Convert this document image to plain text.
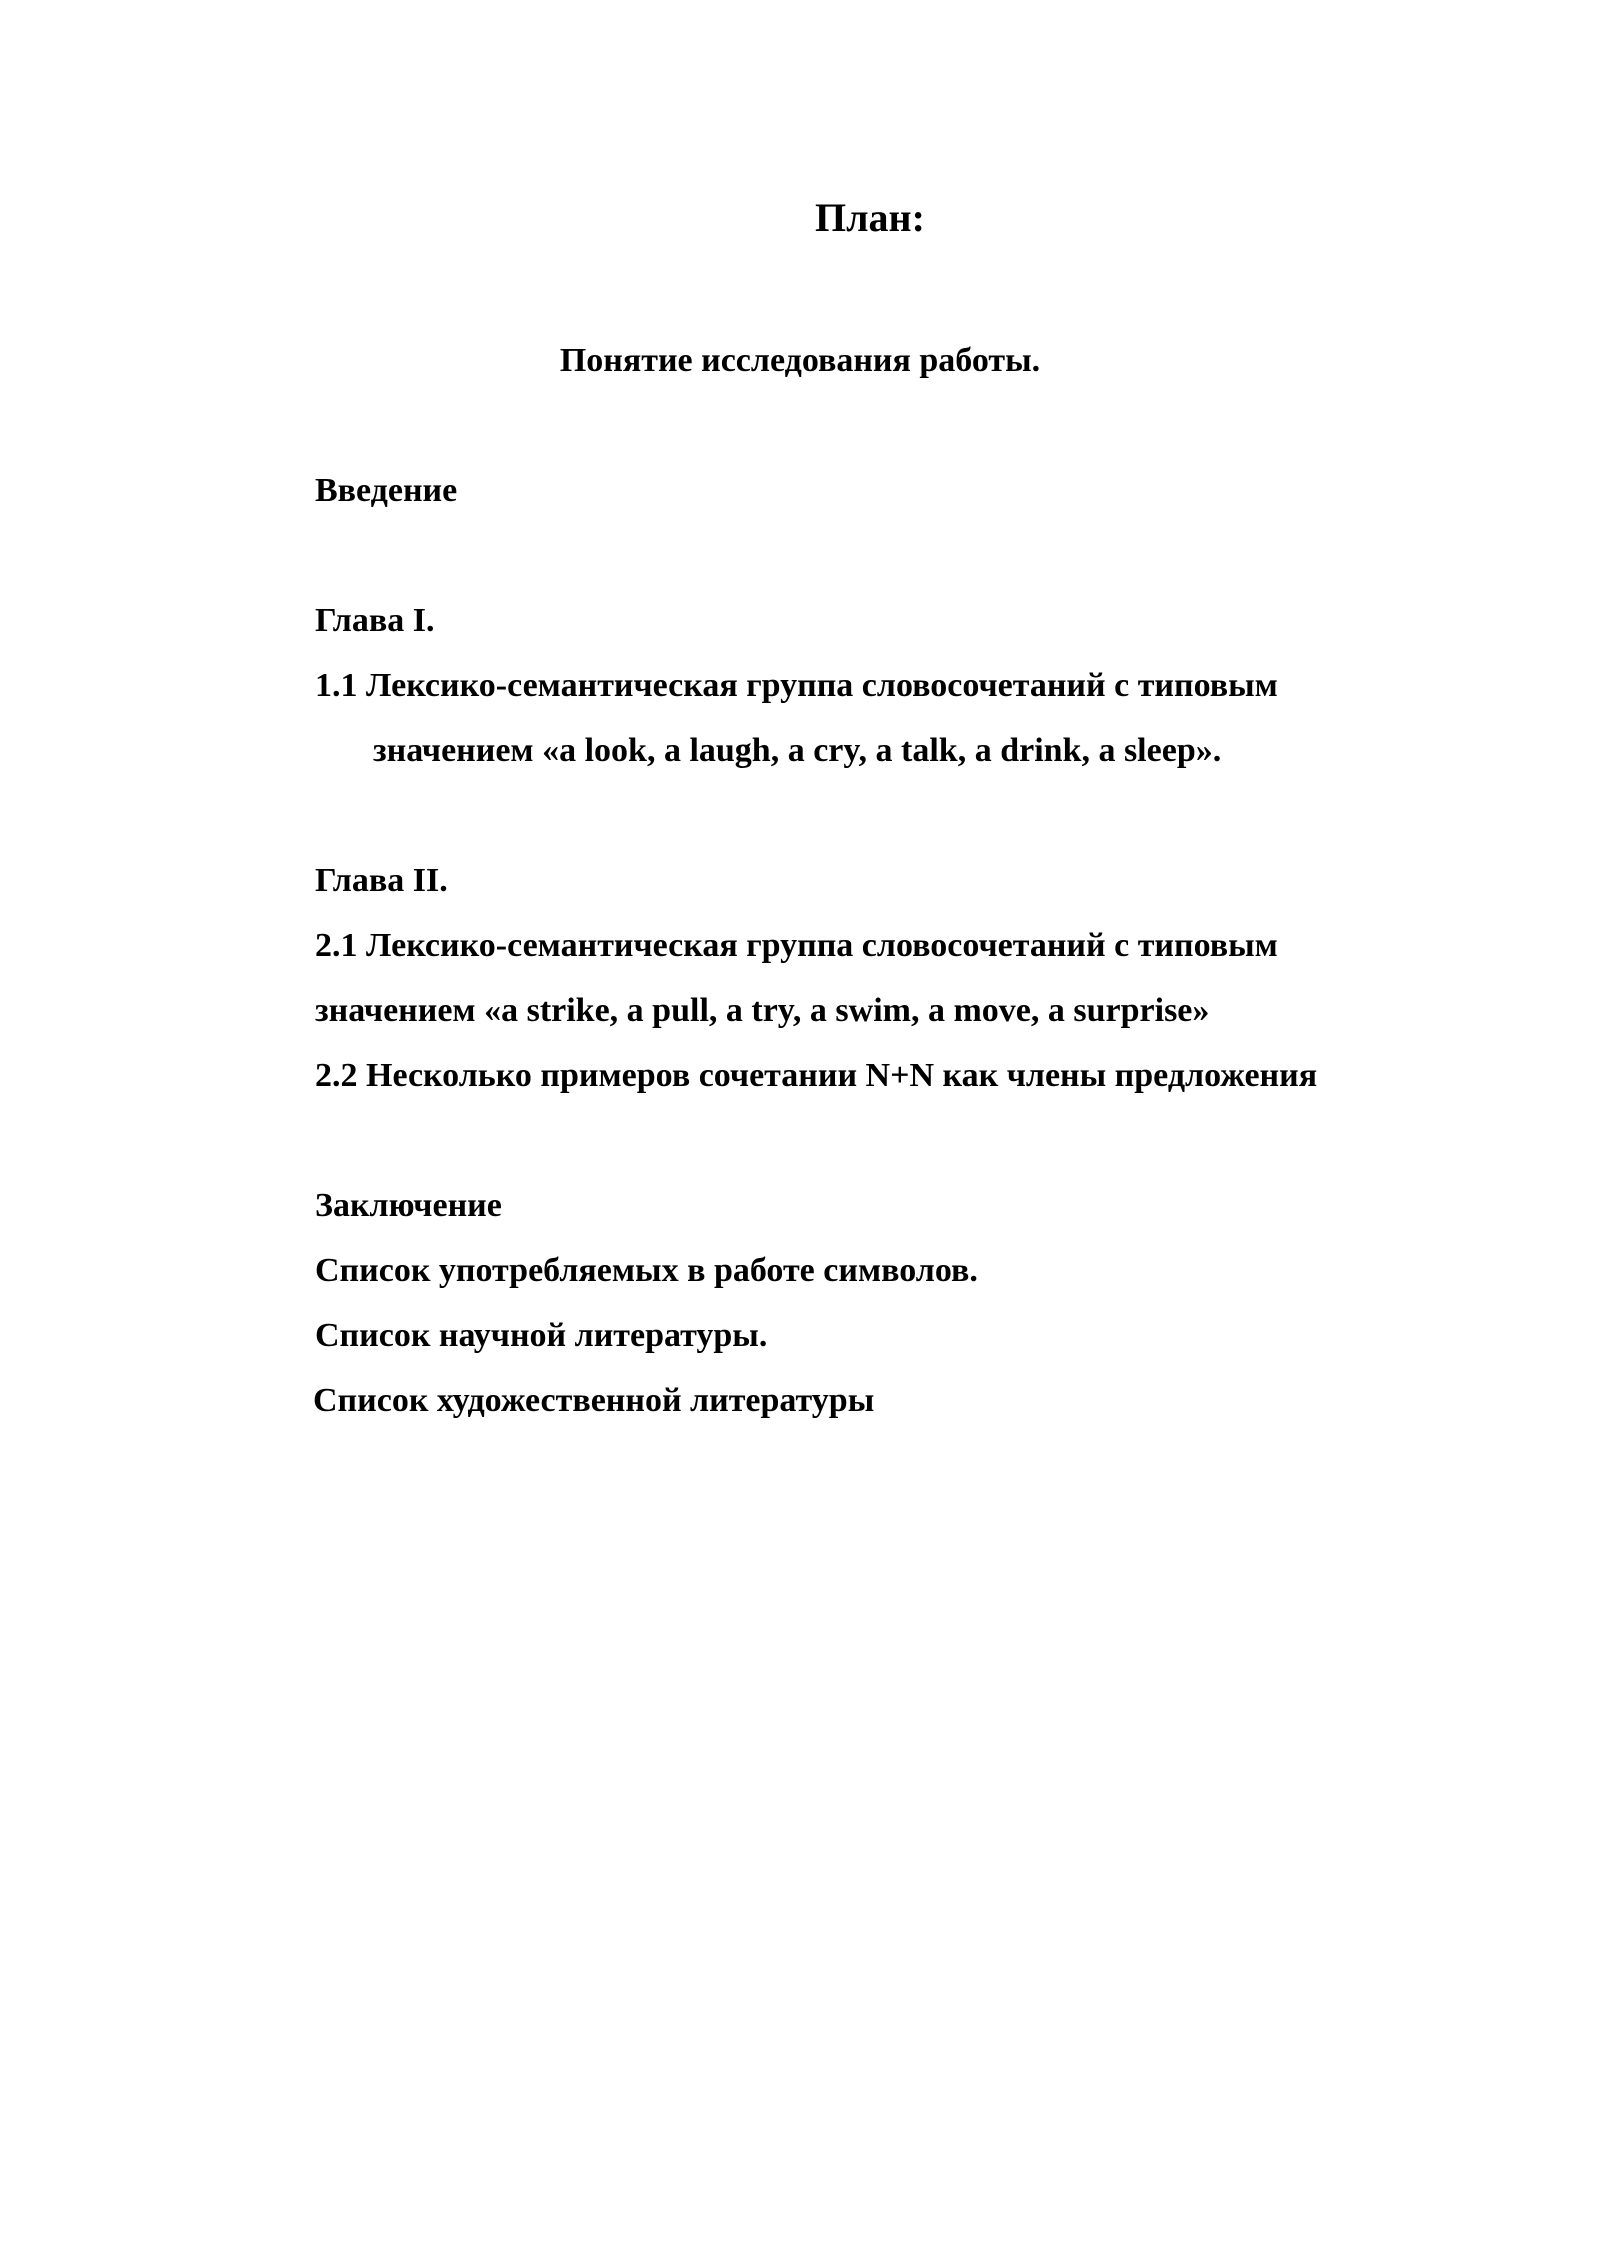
План:
Понятие исследования работы.
Введение
Глава I.
1.1 Лексико-семантическая группа словосочетаний с типовым
значением «a look, a laugh, a cry, a talk, a drink, a sleep».
Глава II.
2.1 Лексико-семантическая группа словосочетаний с типовым
значением «a strike, a pull, a try, a swim, a move, a surprise»
2.2 Несколько примеров сочетании N+N как члены предложения
Заключение
Список употребляемых в работе символов.
Список научной литературы.
Список художественной литературы
